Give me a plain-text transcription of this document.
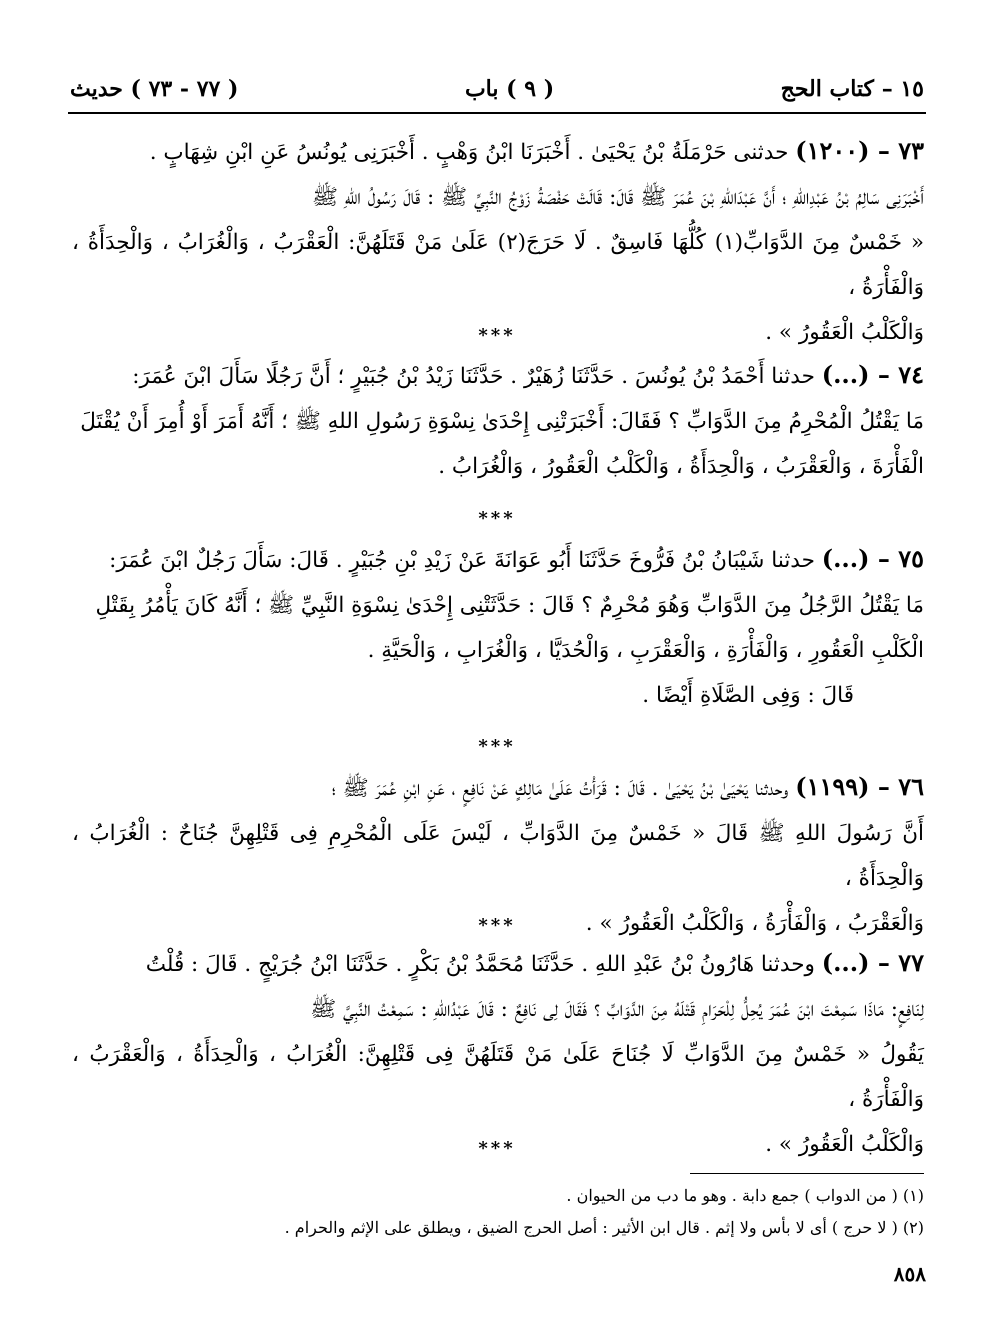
١٥ – كتاب الحج
( ٩ ) باب
( ٧٧ - ٧٣ ) حديث

٧٣ – (١٢٠٠) حدثنى حَرْمَلَةُ بْنُ يَحْيَىٰ . أَخْبَرَنَا ابْنُ وَهْبٍ . أَخْبَرَنِى يُونُسُ عَنِ ابْنِ شِهَابٍ .

أَخْبَرَنِى سَالِمُ بْنُ عَبْدِاللهِ ؛ أَنَّ عَبْدَاللهِ بْنَ عُمَرَ ﷺ قَالَ: قَالَتْ حَفْصَةُ زَوْجُ النَّبِيِّ ﷺ : قَالَ رَسُولُ اللهِ ﷺ

« خَمْسٌ مِنَ الدَّوَابِّ(١) كُلُّهَا فَاسِقٌ . لَا حَرَجَ(٢) عَلَىٰ مَنْ قَتَلَهُنَّ: الْعَقْرَبُ ، وَالْغُرَابُ ، وَالْحِدَأَةُ ، وَالْفَأْرَةُ ،

وَالْكَلْبُ الْعَقُورُ » .

***

٧٤ – (...) حدثنا أَحْمَدُ بْنُ يُونُسَ . حَدَّثَنَا زُهَيْرٌ . حَدَّثَنَا زَيْدُ بْنُ جُبَيْرٍ ؛ أَنَّ رَجُلًا سَأَلَ ابْنَ عُمَرَ:

مَا يَقْتُلُ الْمُحْرِمُ مِنَ الدَّوَابِّ ؟ فَقَالَ: أَخْبَرَتْنِى إِحْدَىٰ نِسْوَةِ رَسُولِ اللهِ ﷺ ؛ أَنَّهُ أَمَرَ أَوْ أُمِرَ أَنْ يُقْتَلَ

الْفَأْرَةَ ، وَالْعَقْرَبُ ، وَالْحِدَأَةُ ، وَالْكَلْبُ الْعَقُورُ ، وَالْغُرَابُ .

***

٧٥ – (...) حدثنا شَيْبَانُ بْنُ فَرُّوخَ حَدَّثَنَا أَبُو عَوَانَةَ عَنْ زَيْدِ بْنِ جُبَيْرٍ . قَالَ: سَأَلَ رَجُلٌ ابْنَ عُمَرَ:

مَا يَقْتُلُ الرَّجُلُ مِنَ الدَّوَابِّ وَهُوَ مُحْرِمٌ ؟ قَالَ : حَدَّثَتْنِى إِحْدَىٰ نِسْوَةِ النَّبِيِّ ﷺ ؛ أَنَّهُ كَانَ يَأْمُرُ بِقَتْلِ

الْكَلْبِ الْعَقُورِ ، وَالْفَأْرَةِ ، وَالْعَقْرَبِ ، وَالْحُدَيَّا ، وَالْغُرَابِ ، وَالْحَيَّةِ .

قَالَ : وَفِى الصَّلَاةِ أَيْضًا .

***

٧٦ – (١١٩٩) وحدثنا يَحْيَىٰ بْنُ يَحْيَىٰ . قَالَ : قَرَأْتُ عَلَىٰ مَالِكٍ عَنْ نَافِعٍ ، عَنِ ابْنِ عُمَرَ ﷺ ؛

أَنَّ رَسُولَ اللهِ ﷺ قَالَ « خَمْسٌ مِنَ الدَّوَابِّ ، لَيْسَ عَلَى الْمُحْرِمِ فِى قَتْلِهِنَّ جُنَاحٌ : الْغُرَابُ ، وَالْحِدَأَةُ ،

وَالْعَقْرَبُ ، وَالْفَأْرَةُ ، وَالْكَلْبُ الْعَقُورُ » .

***

٧٧ – (...) وحدثنا هَارُونُ بْنُ عَبْدِ اللهِ . حَدَّثَنَا مُحَمَّدُ بْنُ بَكْرٍ . حَدَّثَنَا ابْنُ جُرَيْجٍ . قَالَ : قُلْتُ

لِنَافِعٍ: مَاذَا سَمِعْتَ ابْنَ عُمَرَ يُحِلُّ لِلْحَرَامِ قَتْلَهُ مِنَ الدَّوَابِّ ؟ فَقَالَ لِى نَافِعٌ : قَالَ عَبْدُاللهِ : سَمِعْتُ النَّبِيَّ ﷺ

يَقُولُ « خَمْسٌ مِنَ الدَّوَابِّ لَا جُنَاحَ عَلَىٰ مَنْ قَتَلَهُنَّ فِى قَتْلِهِنَّ: الْغُرَابُ ، وَالْحِدَأَةُ ، وَالْعَقْرَبُ ، وَالْفَأْرَةُ ،

وَالْكَلْبُ الْعَقُورُ » .

***
(١) ( من الدواب ) جمع دابة . وهو ما دب من الحيوان .
(٢) ( لا حرج ) أى لا بأس ولا إثم . قال ابن الأثير : أصل الحرج الضيق ، ويطلق على الإثم والحرام .
٨٥٨
